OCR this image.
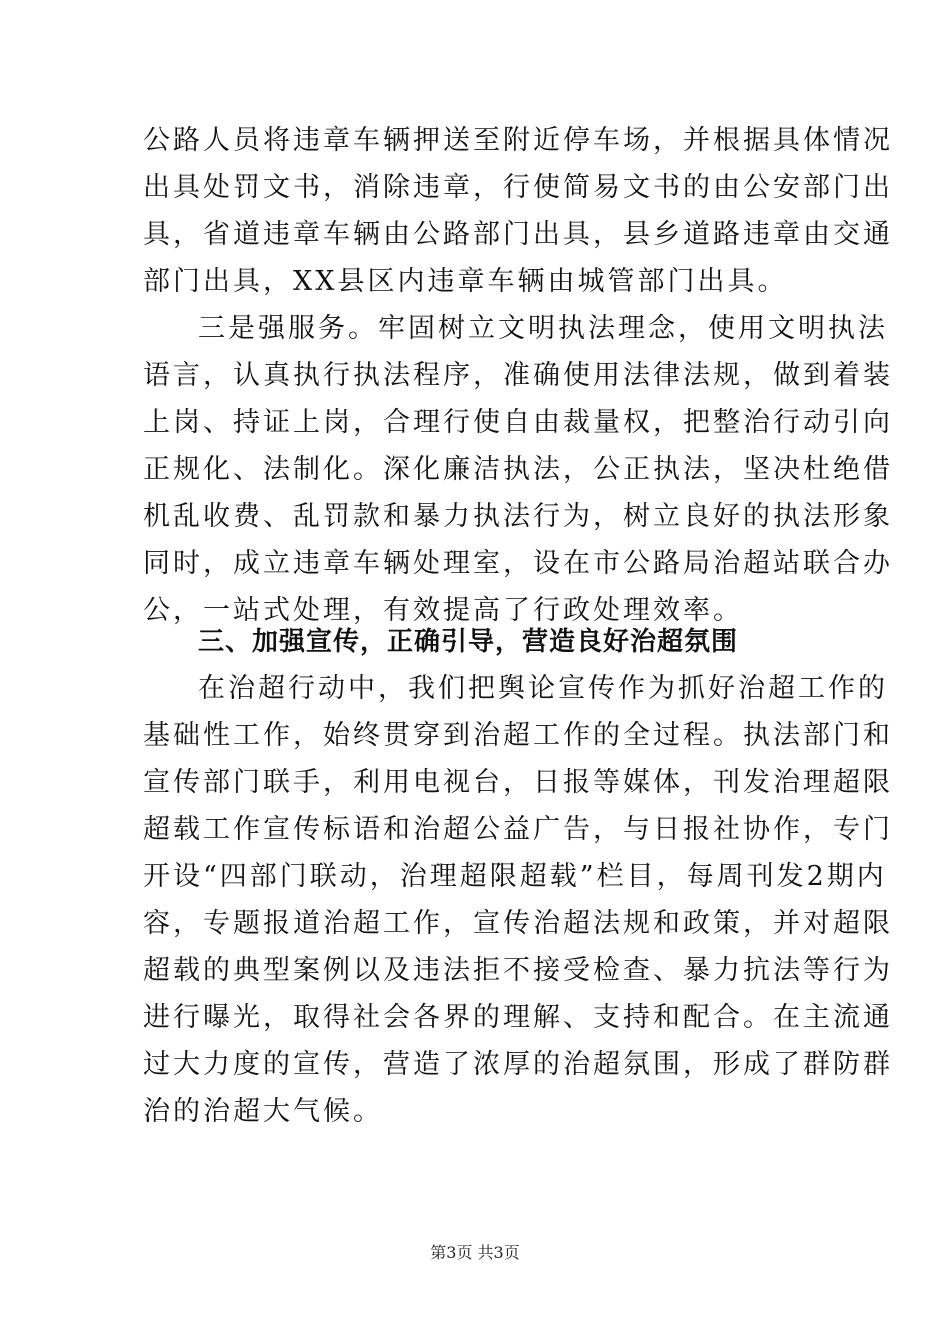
公路人员将违章车辆押送至附近停车场，并根据具体情况
出具处罚文书，消除违章，行使简易文书的由公安部门出
具，省道违章车辆由公路部门出具，县乡道路违章由交通
部门出具，XX县区内违章车辆由城管部门出具。
三是强服务。牢固树立文明执法理念，使用文明执法
语言，认真执行执法程序，准确使用法律法规，做到着装
上岗、持证上岗，合理行使自由裁量权，把整治行动引向
正规化、法制化。深化廉洁执法，公正执法，坚决杜绝借
机乱收费、乱罚款和暴力执法行为，树立良好的执法形象
同时，成立违章车辆处理室，设在市公路局治超站联合办
公，一站式处理，有效提高了行政处理效率。
三、加强宣传，正确引导，营造良好治超氛围
在治超行动中，我们把舆论宣传作为抓好治超工作的
基础性工作，始终贯穿到治超工作的全过程。执法部门和
宣传部门联手，利用电视台，日报等媒体，刊发治理超限
超载工作宣传标语和治超公益广告，与日报社协作，专门
开设“四部门联动，治理超限超载”栏目，每周刊发2期内
容，专题报道治超工作，宣传治超法规和政策，并对超限
超载的典型案例以及违法拒不接受检查、暴力抗法等行为
进行曝光，取得社会各界的理解、支持和配合。在主流通
过大力度的宣传，营造了浓厚的治超氛围，形成了群防群
治的治超大气候。
第3页 共3页
